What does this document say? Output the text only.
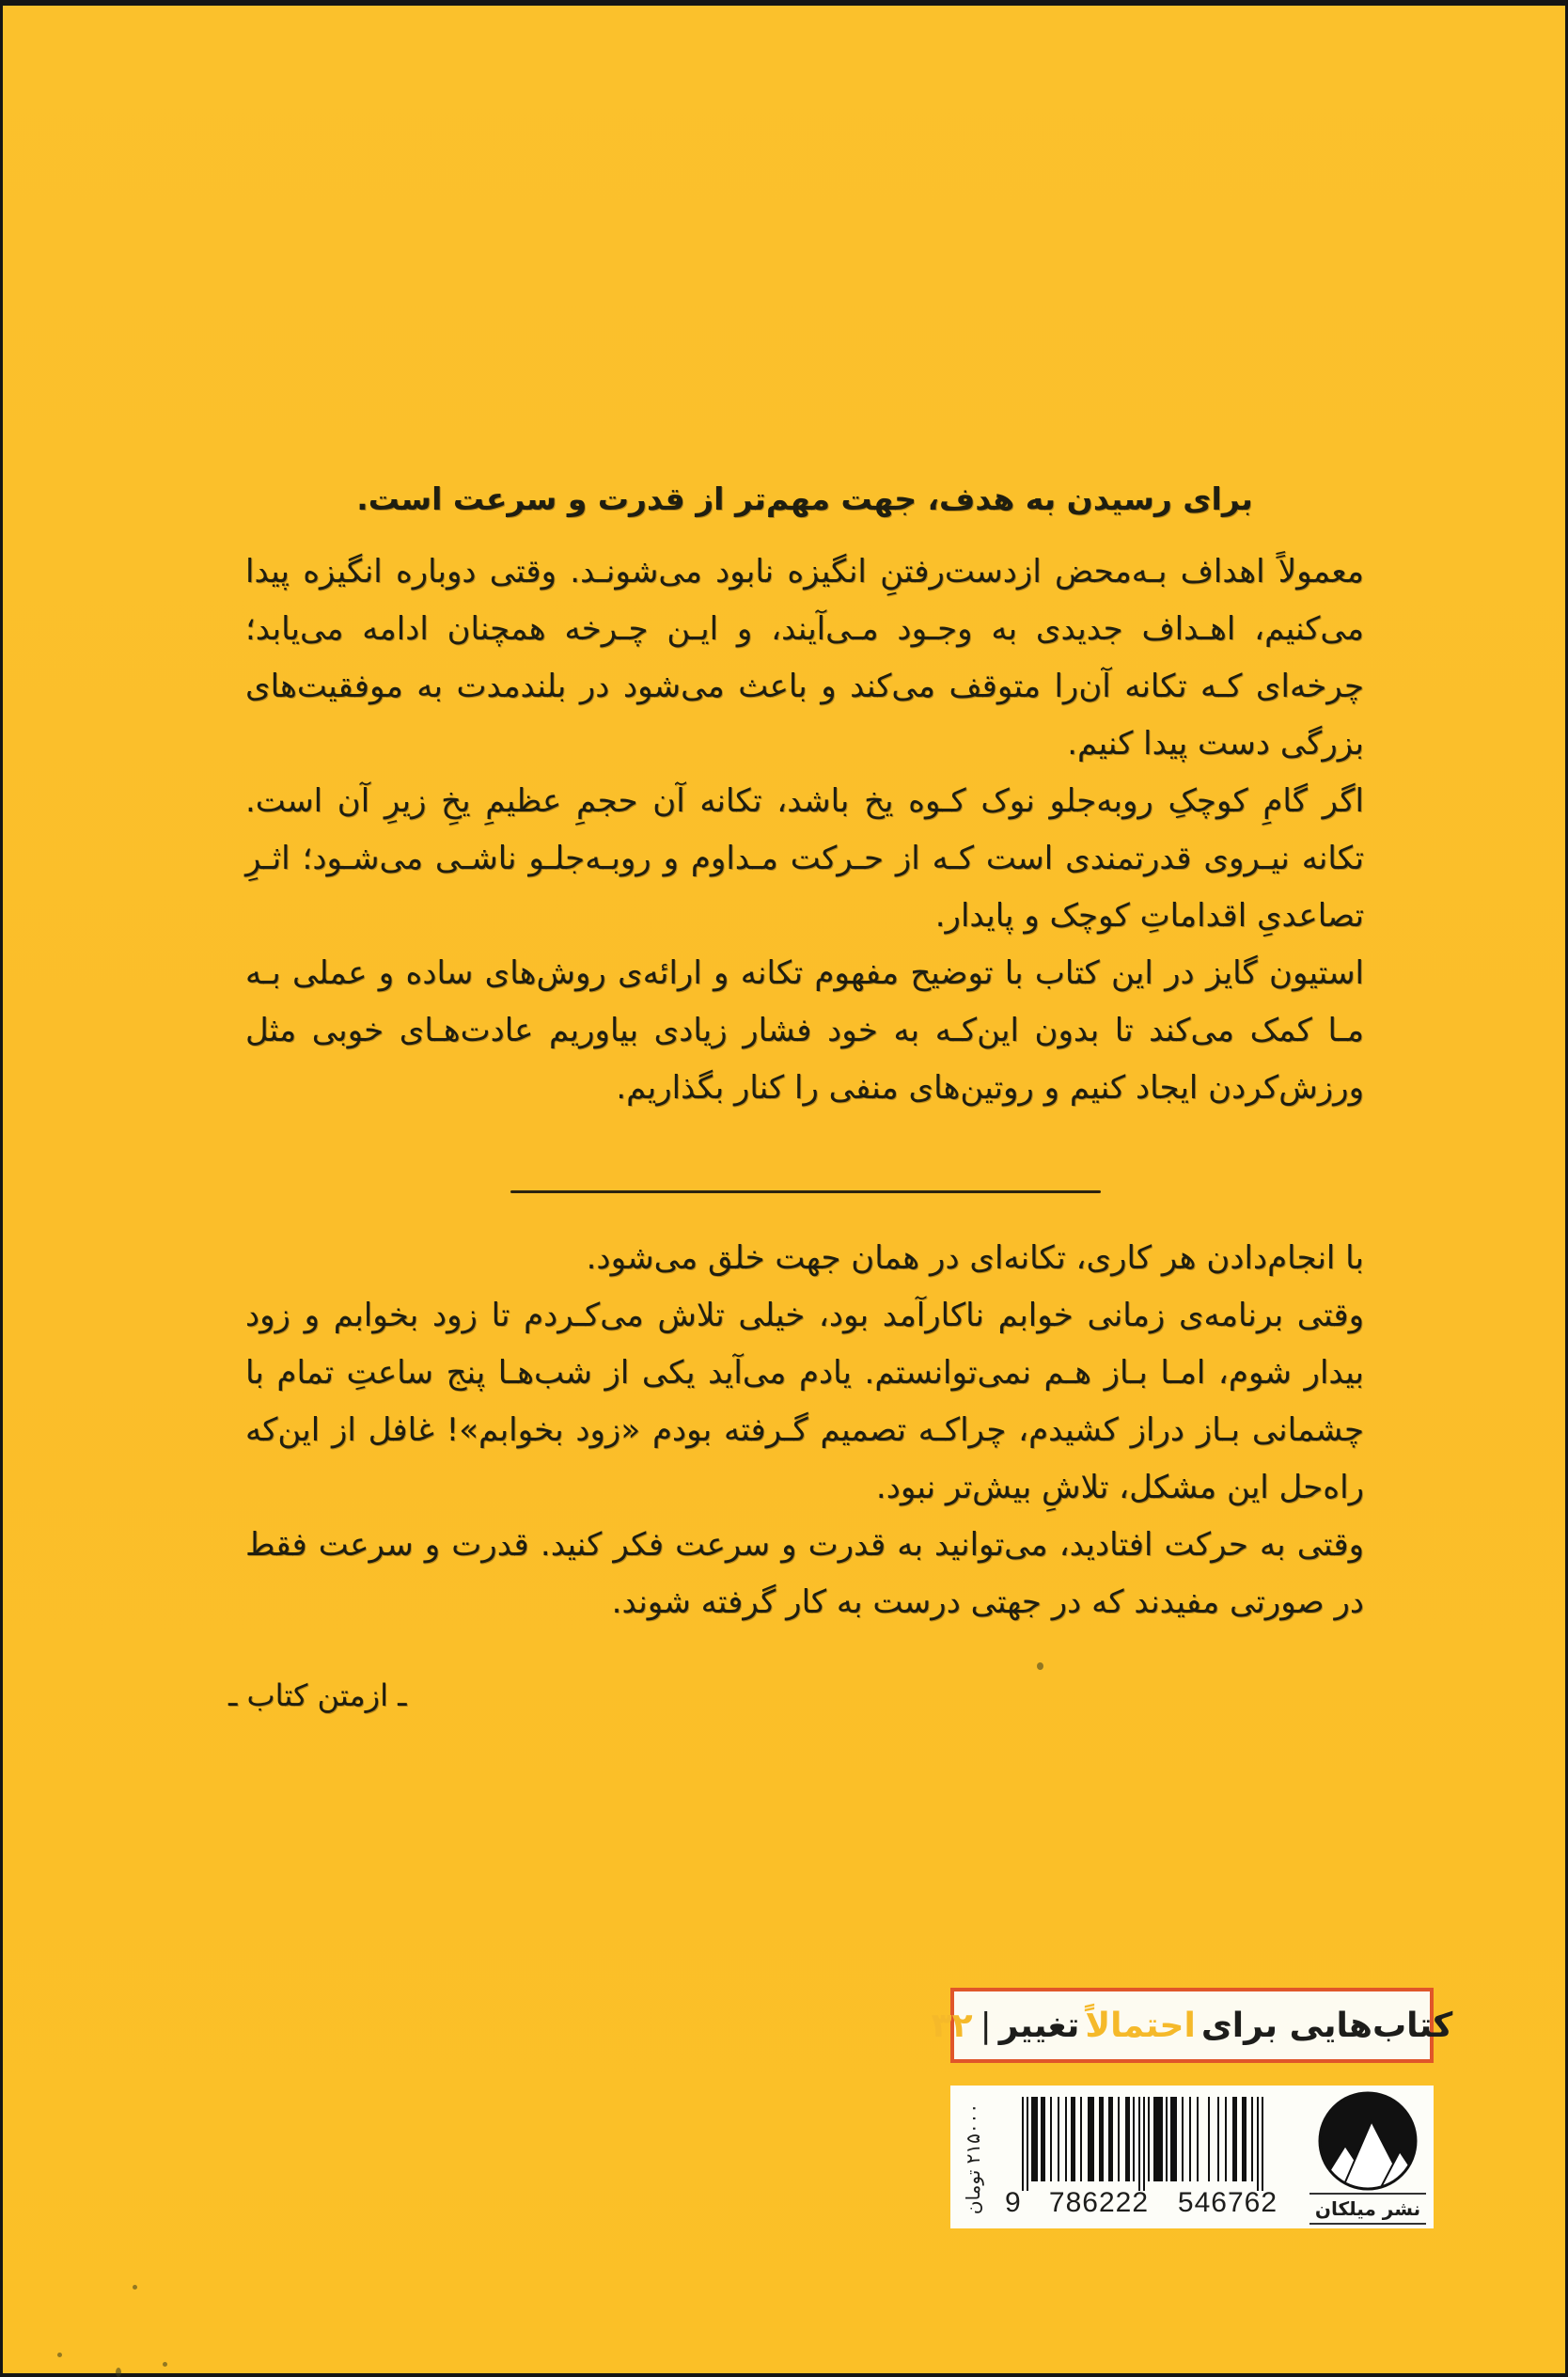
برای رسیدن به هدف، جهت مهم‌تر از قدرت و سرعت است.

معمولاً اهداف بـه‌محض ازدست‌رفتنِ انگیزه نابود می‌شونـد. وقتی دوباره انگیزه پیدا می‌کنیم، اهـداف جدیدی به وجـود مـی‌آیند، و ایـن چـرخه همچنان ادامه می‌یابد؛ چرخه‌ای کـه تکانه آن‌را متوقف می‌کند و باعث می‌شود در بلندمدت به موفقیت‌های بزرگی دست پیدا کنیم.

اگر گامِ کوچکِ روبه‌جلو نوک کـوه یخ باشد، تکانه آن حجمِ عظیمِ یخِ زیرِ آن است. تکانه نیـروی قدرتمندی است کـه از حـرکت مـداوم و روبـه‌جلـو ناشـی می‌شـود؛ اثـرِ تصاعدیِ اقداماتِ کوچک و پایدار.

استیون گایز در این کتاب با توضیح مفهوم تکانه و ارائه‌ی روش‌های ساده و عملی بـه مـا کمک می‌کند تا بدون این‌کـه به خود فشار زیادی بیاوریم عادت‌هـای خوبی مثل ورزش‌کردن ایجاد کنیم و روتین‌های منفی را کنار بگذاریم.

با انجام‌دادن هر کاری، تکانه‌ای در همان جهت خلق می‌شود.

وقتی برنامه‌ی زمانی خوابم ناکارآمد بود، خیلی تلاش می‌کـردم تا زود بخوابم و زود بیدار شوم، امـا بـاز هـم نمی‌توانستم. یادم می‌آید یکی از شب‌هـا پنج ساعتِ تمام با چشمانی بـاز دراز کشیدم، چراکـه تصمیم گـرفته بودم «زود بخوابم»! غافل از این‌که راه‌حل این مشکل، تلاشِ بیش‌تر نبود.

وقتی به حرکت افتادید، می‌توانید به قدرت و سرعت فکر کنید. قدرت و سرعت فقط در صورتی مفیدند که در جهتی درست به کار گرفته شوند.

ـ ازمتن کتاب ـ
کتاب‌هایی برای
احتمالاً
تغییر
|
۳۲
۲۱۵۰۰۰ تومان
9 786222 546762 نشر میلکان
